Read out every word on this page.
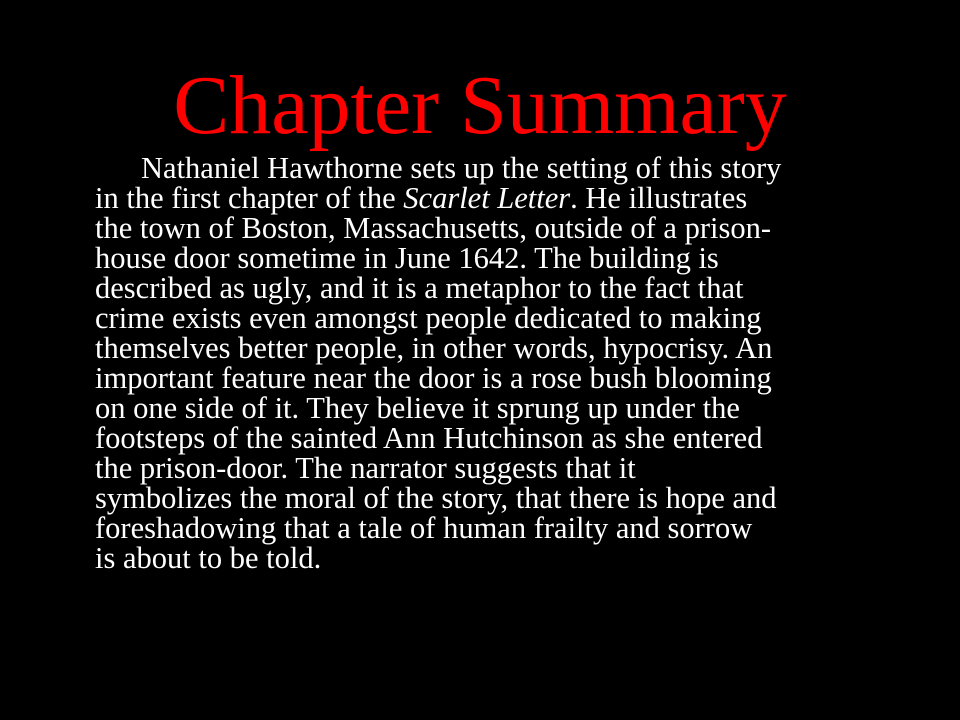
Chapter Summary
Nathaniel Hawthorne sets up the setting of this story
in the first chapter of the Scarlet Letter. He illustrates
the town of Boston, Massachusetts, outside of a prison-
house door sometime in June 1642. The building is
described as ugly, and it is a metaphor to the fact that
crime exists even amongst people dedicated to making
themselves better people, in other words, hypocrisy. An
important feature near the door is a rose bush blooming
on one side of it. They believe it sprung up under the
footsteps of the sainted Ann Hutchinson as she entered
the prison-door. The narrator suggests that it
symbolizes the moral of the story, that there is hope and
foreshadowing that a tale of human frailty and sorrow
is about to be told.
